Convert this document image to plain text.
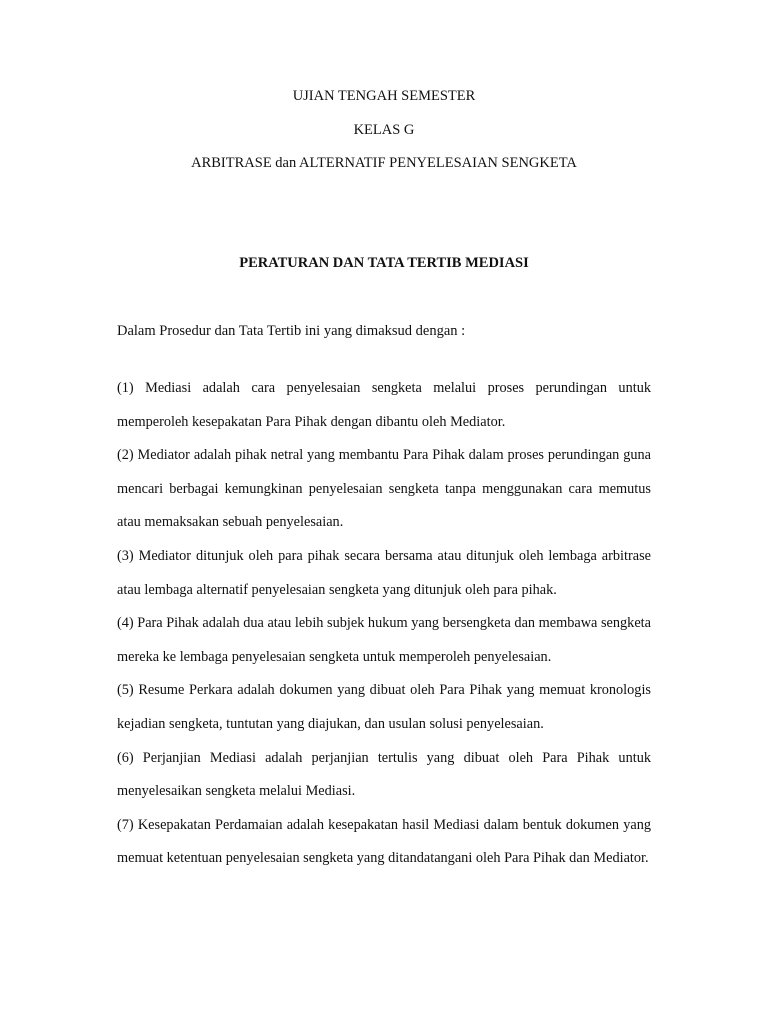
UJIAN TENGAH SEMESTER
KELAS G
ARBITRASE dan ALTERNATIF PENYELESAIAN SENGKETA
PERATURAN DAN TATA TERTIB MEDIASI
Dalam Prosedur dan Tata Tertib ini yang dimaksud dengan :
(1) Mediasi adalah cara penyelesaian sengketa melalui proses perundingan untuk memperoleh kesepakatan Para Pihak dengan dibantu oleh Mediator.
(2) Mediator adalah pihak netral yang membantu Para Pihak dalam proses perundingan guna mencari berbagai kemungkinan penyelesaian sengketa tanpa menggunakan cara memutus atau memaksakan sebuah penyelesaian.
(3) Mediator ditunjuk oleh para pihak secara bersama atau ditunjuk oleh lembaga arbitrase atau lembaga alternatif penyelesaian sengketa yang ditunjuk oleh para pihak.
(4) Para Pihak adalah dua atau lebih subjek hukum yang bersengketa dan membawa sengketa mereka ke lembaga penyelesaian sengketa untuk memperoleh penyelesaian.
(5) Resume Perkara adalah dokumen yang dibuat oleh Para Pihak yang memuat kronologis kejadian sengketa, tuntutan yang diajukan, dan usulan solusi penyelesaian.
(6) Perjanjian Mediasi adalah perjanjian tertulis yang dibuat oleh Para Pihak untuk menyelesaikan sengketa melalui Mediasi.
(7) Kesepakatan Perdamaian adalah kesepakatan hasil Mediasi dalam bentuk dokumen yang memuat ketentuan penyelesaian sengketa yang ditandatangani oleh Para Pihak dan Mediator.
